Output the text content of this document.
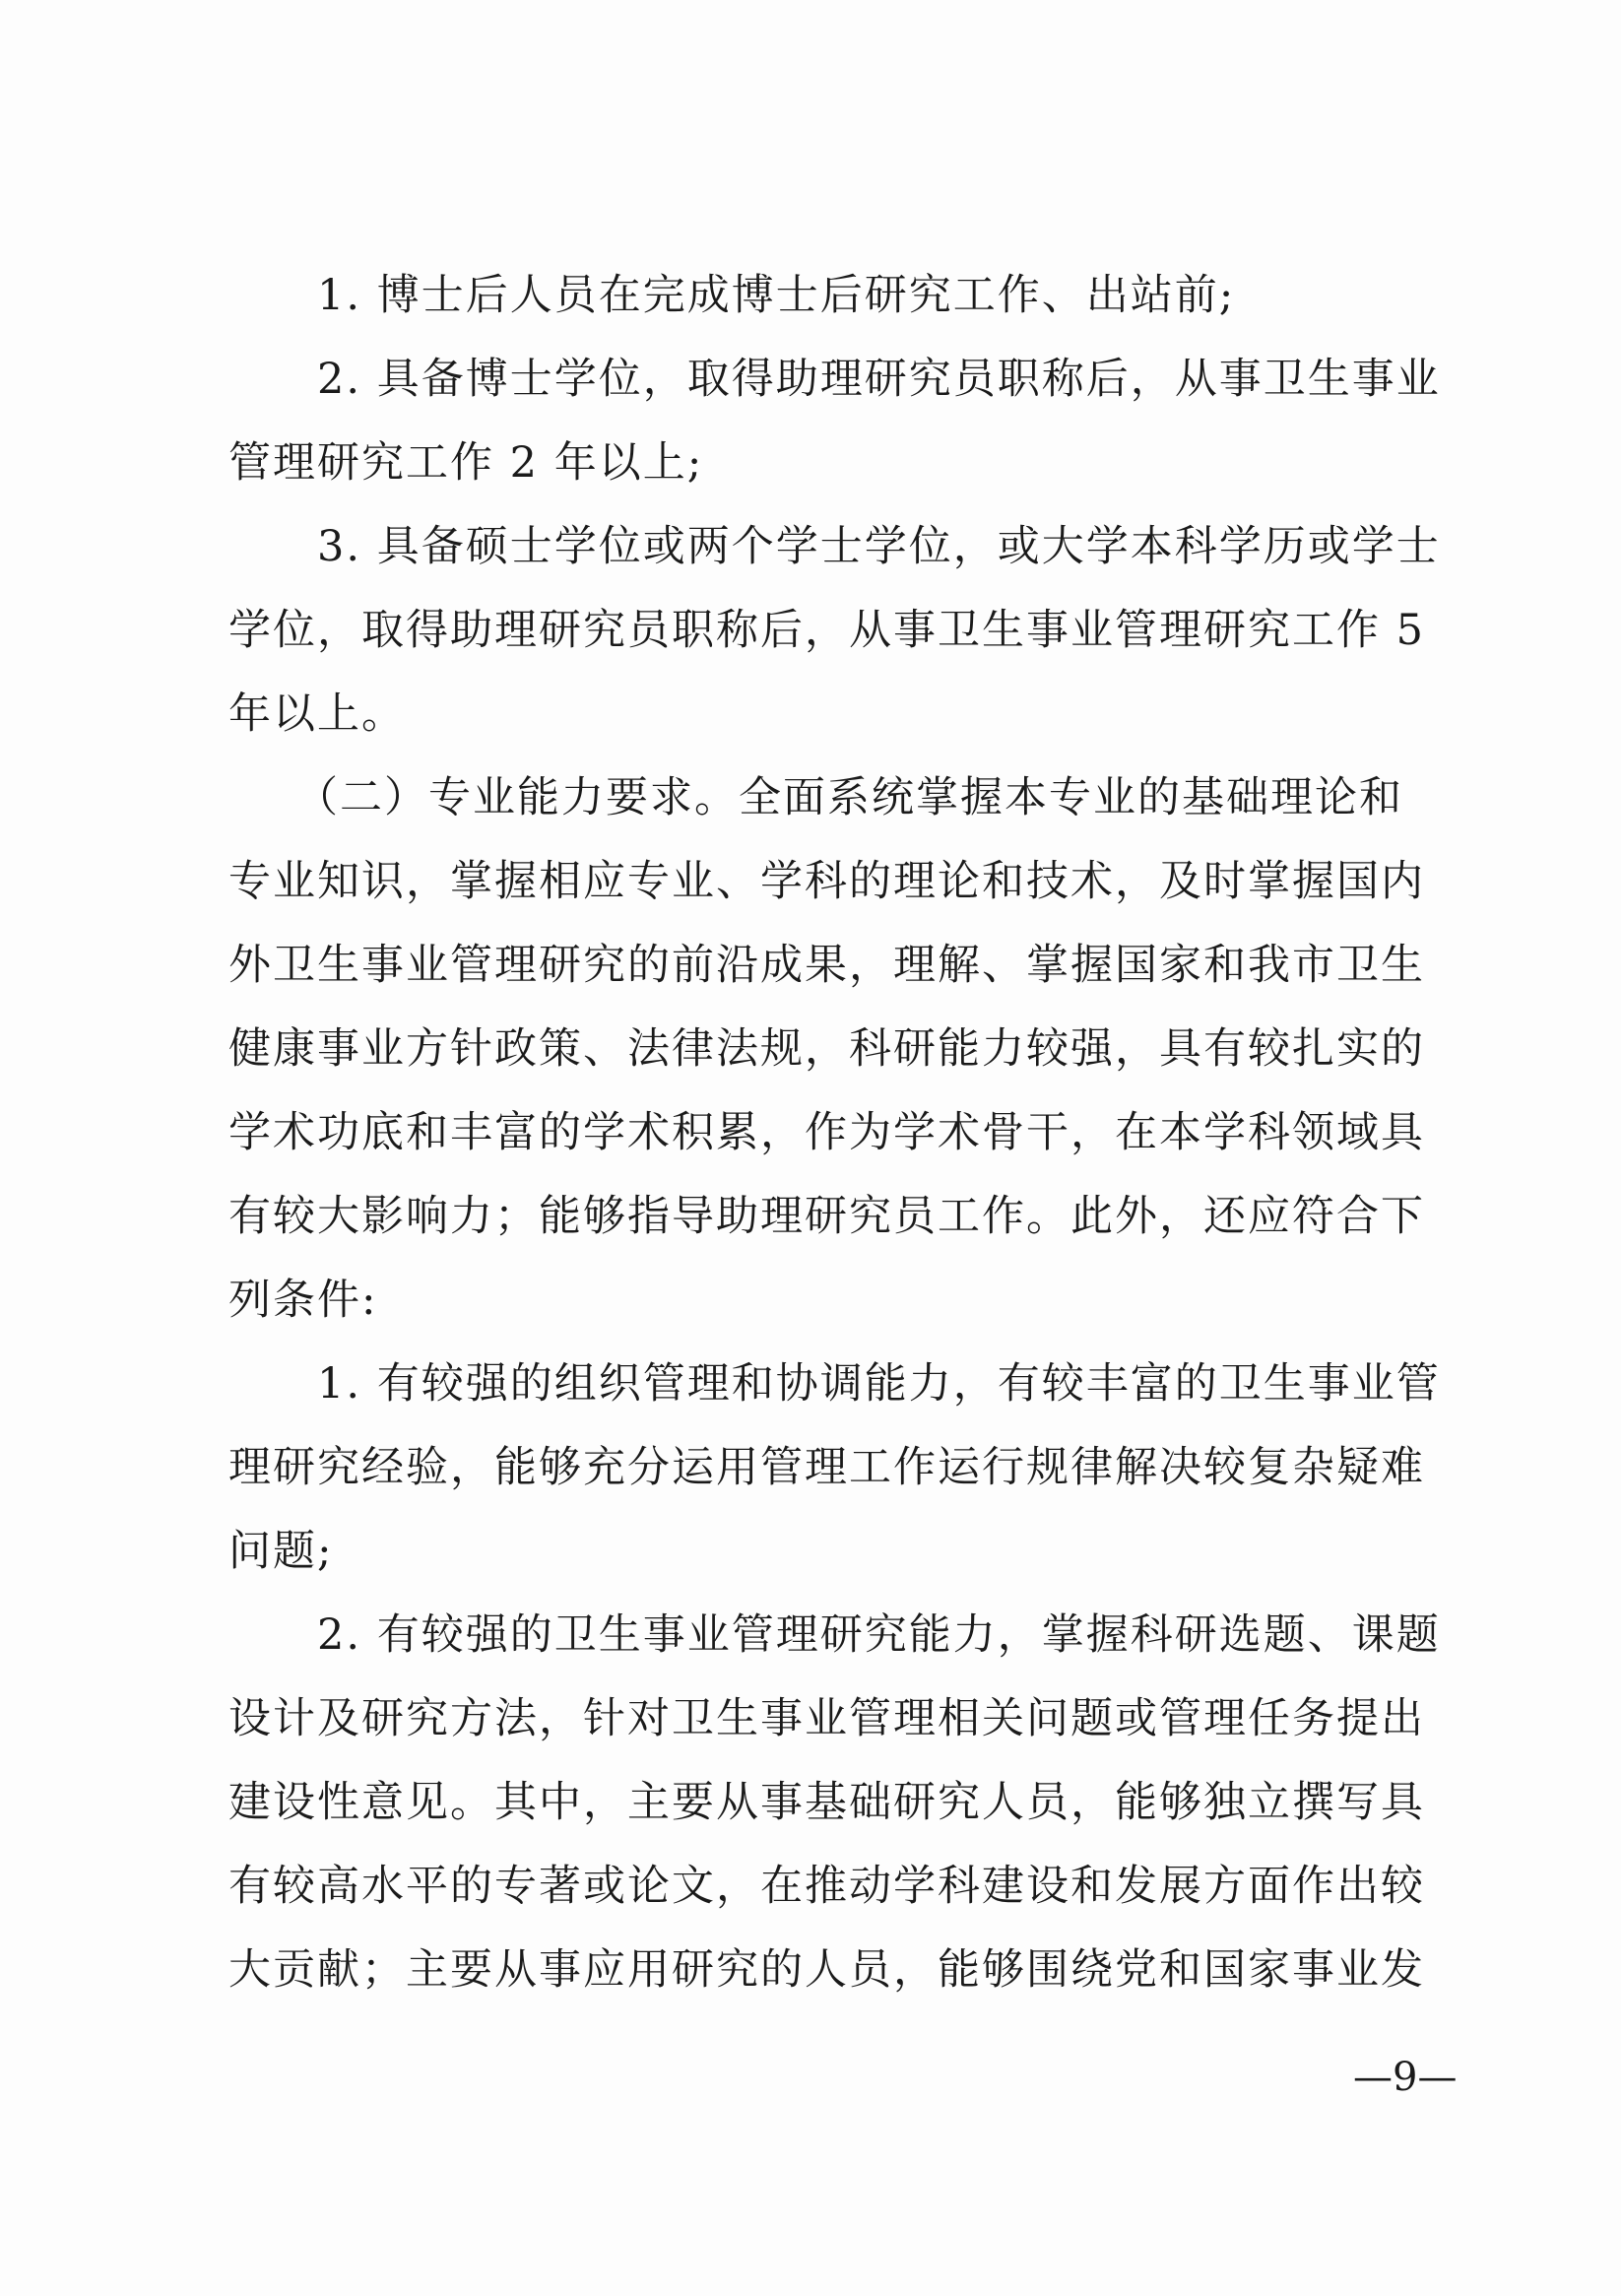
1. 博士后人员在完成博士后研究工作、出站前;
2. 具备博士学位，取得助理研究员职称后，从事卫生事业
管理研究工作 2 年以上;
3. 具备硕士学位或两个学士学位，或大学本科学历或学士
学位，取得助理研究员职称后，从事卫生事业管理研究工作 5
年以上。
（二）专业能力要求。全面系统掌握本专业的基础理论和
专业知识，掌握相应专业、学科的理论和技术，及时掌握国内
外卫生事业管理研究的前沿成果，理解、掌握国家和我市卫生
健康事业方针政策、法律法规，科研能力较强，具有较扎实的
学术功底和丰富的学术积累，作为学术骨干，在本学科领域具
有较大影响力；能够指导助理研究员工作。此外，还应符合下
列条件:
1. 有较强的组织管理和协调能力，有较丰富的卫生事业管
理研究经验，能够充分运用管理工作运行规律解决较复杂疑难
问题;
2. 有较强的卫生事业管理研究能力，掌握科研选题、课题
设计及研究方法，针对卫生事业管理相关问题或管理任务提出
建设性意见。其中，主要从事基础研究人员，能够独立撰写具
有较高水平的专著或论文，在推动学科建设和发展方面作出较
大贡献；主要从事应用研究的人员，能够围绕党和国家事业发
—9—
